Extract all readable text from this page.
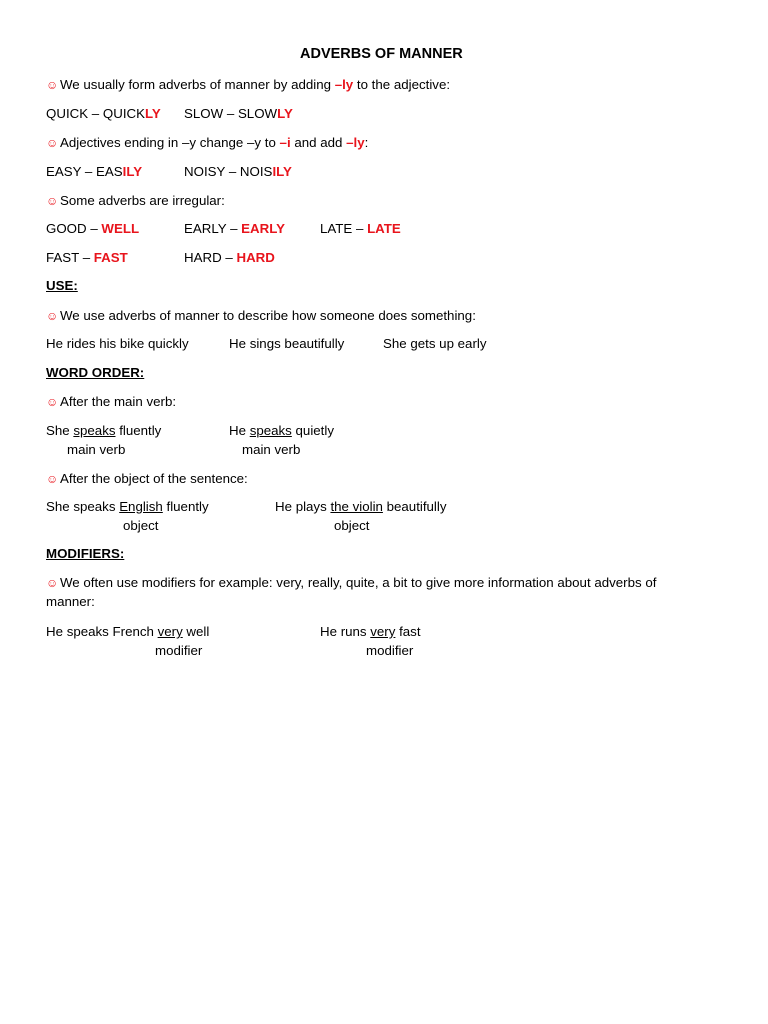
ADVERBS OF MANNER
☺ We usually form adverbs of manner by adding –ly to the adjective:
QUICK – QUICKLY SLOW – SLOWLY
☺ Adjectives ending in –y change –y to –i and add –ly:
EASY – EASILY	NOISY – NOISILY
☺ Some adverbs are irregular:
GOOD – WELL	EARLY – EARLY	LATE – LATE
FAST – FAST	HARD – HARD
USE:
☺ We use adverbs of manner to describe how someone does something:
He rides his bike quickly	He sings beautifully	She gets up early
WORD ORDER:
☺ After the main verb:
She speaks fluently
main verb
He speaks quietly
main verb
☺ After the object of the sentence:
She speaks English fluently
object
He plays the violin beautifully
object
MODIFIERS:
☺ We often use modifiers for example: very, really, quite, a bit to give more information about adverbs of
manner:
He speaks French very well
modifier
He runs very fast
modifier
